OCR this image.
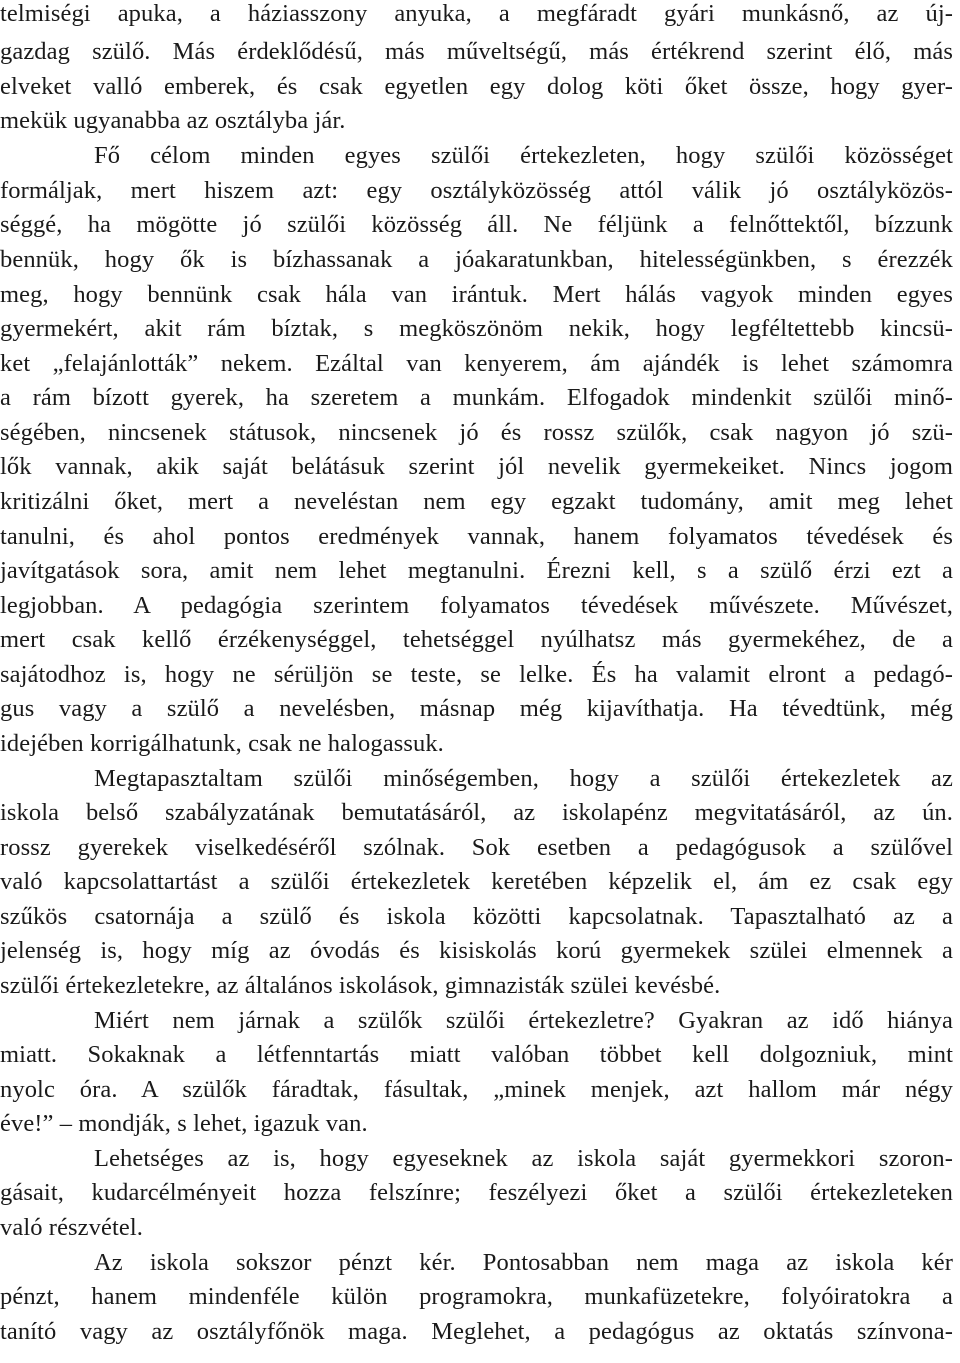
telmiségi apuka, a háziasszony anyuka, a megfáradt gyári munkásnő, az új-
gazdag szülő. Más érdeklődésű, más műveltségű, más értékrend szerint élő, más
elveket valló emberek, és csak egyetlen egy dolog köti őket össze, hogy gyer-
mekük ugyanabba az osztályba jár.
Fő célom minden egyes szülői értekezleten, hogy szülői közösséget
formáljak, mert hiszem azt: egy osztályközösség attól válik jó osztályközös-
séggé, ha mögötte jó szülői közösség áll. Ne féljünk a felnőttektől, bízzunk
bennük, hogy ők is bízhassanak a jóakaratunkban, hitelességünkben, s érezzék
meg, hogy bennünk csak hála van irántuk. Mert hálás vagyok minden egyes
gyermekért, akit rám bíztak, s megköszönöm nekik, hogy legféltettebb kincsü-
ket „felajánlották” nekem. Ezáltal van kenyerem, ám ajándék is lehet számomra
a rám bízott gyerek, ha szeretem a munkám. Elfogadok mindenkit szülői minő-
ségében, nincsenek státusok, nincsenek jó és rossz szülők, csak nagyon jó szü-
lők vannak, akik saját belátásuk szerint jól nevelik gyermekeiket. Nincs jogom
kritizálni őket, mert a neveléstan nem egy egzakt tudomány, amit meg lehet
tanulni, és ahol pontos eredmények vannak, hanem folyamatos tévedések és
javítgatások sora, amit nem lehet megtanulni. Érezni kell, s a szülő érzi ezt a
legjobban. A pedagógia szerintem folyamatos tévedések művészete. Művészet,
mert csak kellő érzékenységgel, tehetséggel nyúlhatsz más gyermekéhez, de a
sajátodhoz is, hogy ne sérüljön se teste, se lelke. És ha valamit elront a pedagó-
gus vagy a szülő a nevelésben, másnap még kijavíthatja. Ha tévedtünk, még
idejében korrigálhatunk, csak ne halogassuk.
Megtapasztaltam szülői minőségemben, hogy a szülői értekezletek az
iskola belső szabályzatának bemutatásáról, az iskolapénz megvitatásáról, az ún.
rossz gyerekek viselkedéséről szólnak. Sok esetben a pedagógusok a szülővel
való kapcsolattartást a szülői értekezletek keretében képzelik el, ám ez csak egy
szűkös csatornája a szülő és iskola közötti kapcsolatnak. Tapasztalható az a
jelenség is, hogy míg az óvodás és kisiskolás korú gyermekek szülei elmennek a
szülői értekezletekre, az általános iskolások, gimnazisták szülei kevésbé.
Miért nem járnak a szülők szülői értekezletre? Gyakran az idő hiánya
miatt. Sokaknak a létfenntartás miatt valóban többet kell dolgozniuk, mint
nyolc óra. A szülők fáradtak, fásultak, „minek menjek, azt hallom már négy
éve!” – mondják, s lehet, igazuk van.
Lehetséges az is, hogy egyeseknek az iskola saját gyermekkori szoron-
gásait, kudarcélményeit hozza felszínre; feszélyezi őket a szülői értekezleteken
való részvétel.
Az iskola sokszor pénzt kér. Pontosabban nem maga az iskola kér
pénzt, hanem mindenféle külön programokra, munkafüzetekre, folyóiratokra a
tanító vagy az osztályfőnök maga. Meglehet, a pedagógus az oktatás színvona-
